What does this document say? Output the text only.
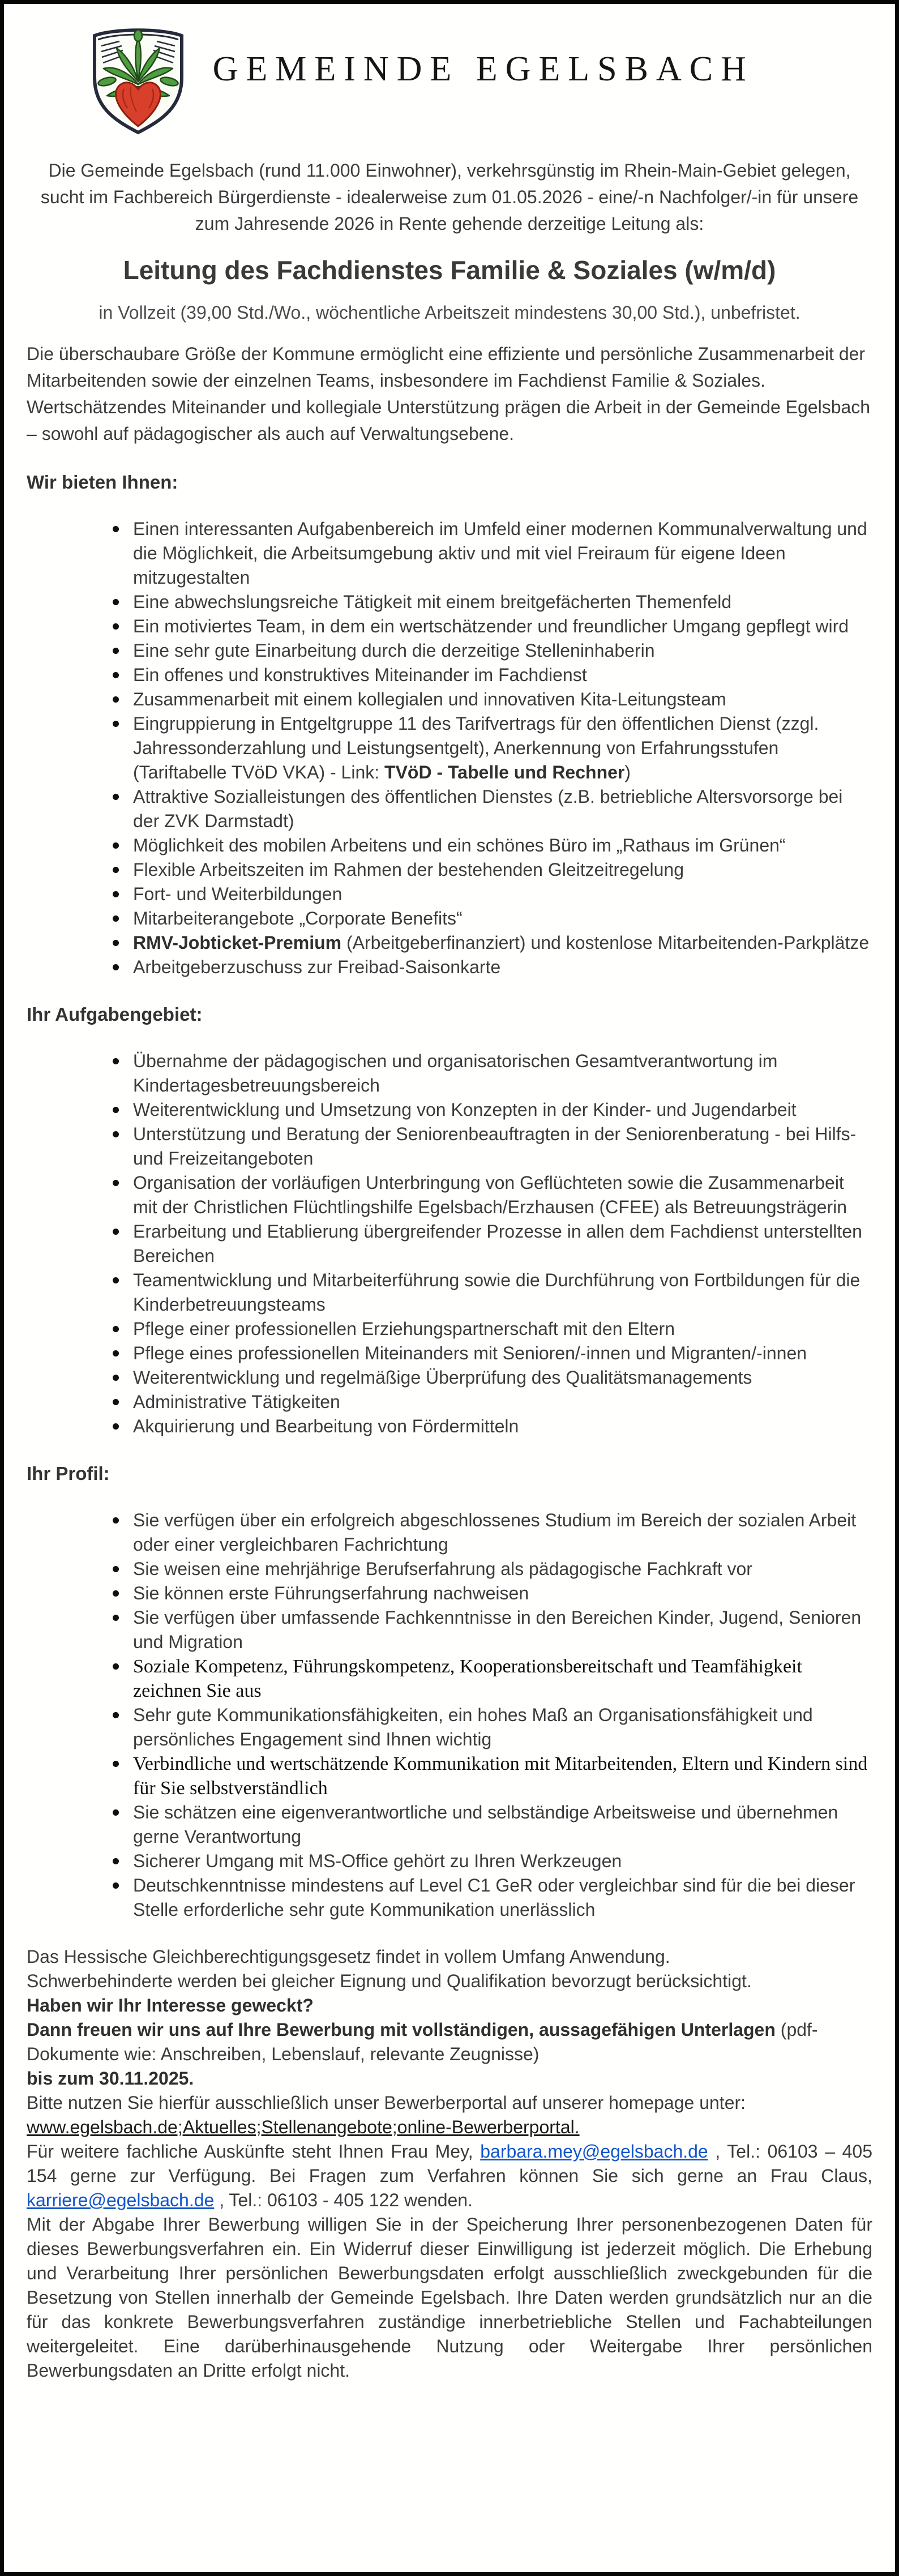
GEMEINDE EGELSBACH

Die Gemeinde Egelsbach (rund 11.000 Einwohner), verkehrsgünstig im Rhein-Main-Gebiet gelegen, sucht im Fachbereich Bürgerdienste - idealerweise zum 01.05.2026 - eine/-n Nachfolger/-in für unsere zum Jahresende 2026 in Rente gehende derzeitige Leitung als:

Leitung des Fachdienstes Familie & Soziales (w/m/d)

in Vollzeit (39,00 Std./Wo., wöchentliche Arbeitszeit mindestens 30,00 Std.), unbefristet.

Die überschaubare Größe der Kommune ermöglicht eine effiziente und persönliche Zusammenarbeit der Mitarbeitenden sowie der einzelnen Teams, insbesondere im Fachdienst Familie & Soziales. Wertschätzendes Miteinander und kollegiale Unterstützung prägen die Arbeit in der Gemeinde Egelsbach – sowohl auf pädagogischer als auch auf Verwaltungsebene.

Wir bieten Ihnen:
Einen interessanten Aufgabenbereich im Umfeld einer modernen Kommunalverwaltung und die Möglichkeit, die Arbeitsumgebung aktiv und mit viel Freiraum für eigene Ideen mitzugestalten
Eine abwechslungsreiche Tätigkeit mit einem breitgefächerten Themenfeld
Ein motiviertes Team, in dem ein wertschätzender und freundlicher Umgang gepflegt wird
Eine sehr gute Einarbeitung durch die derzeitige Stelleninhaberin
Ein offenes und konstruktives Miteinander im Fachdienst
Zusammenarbeit mit einem kollegialen und innovativen Kita-Leitungsteam
Eingruppierung in Entgeltgruppe 11 des Tarifvertrags für den öffentlichen Dienst (zzgl. Jahressonderzahlung und Leistungsentgelt), Anerkennung von Erfahrungsstufen (Tariftabelle TVöD VKA) - Link: TVöD - Tabelle und Rechner)
Attraktive Sozialleistungen des öffentlichen Dienstes (z.B. betriebliche Altersvorsorge bei der ZVK Darmstadt)
Möglichkeit des mobilen Arbeitens und ein schönes Büro im „Rathaus im Grünen“
Flexible Arbeitszeiten im Rahmen der bestehenden Gleitzeitregelung
Fort- und Weiterbildungen
Mitarbeiterangebote „Corporate Benefits“
RMV-Jobticket-Premium (Arbeitgeberfinanziert) und kostenlose Mitarbeitenden-Parkplätze
Arbeitgeberzuschuss zur Freibad-Saisonkarte
Ihr Aufgabengebiet:
Übernahme der pädagogischen und organisatorischen Gesamtverantwortung im Kindertagesbetreuungsbereich
Weiterentwicklung und Umsetzung von Konzepten in der Kinder- und Jugendarbeit
Unterstützung und Beratung der Seniorenbeauftragten in der Seniorenberatung - bei Hilfs- und Freizeitangeboten
Organisation der vorläufigen Unterbringung von Geflüchteten sowie die Zusammenarbeit mit der Christlichen Flüchtlingshilfe Egelsbach/Erzhausen (CFEE) als Betreuungsträgerin
Erarbeitung und Etablierung übergreifender Prozesse in allen dem Fachdienst unterstellten Bereichen
Teamentwicklung und Mitarbeiterführung sowie die Durchführung von Fortbildungen für die Kinderbetreuungsteams
Pflege einer professionellen Erziehungspartnerschaft mit den Eltern
Pflege eines professionellen Miteinanders mit Senioren/-innen und Migranten/-innen
Weiterentwicklung und regelmäßige Überprüfung des Qualitätsmanagements
Administrative Tätigkeiten
Akquirierung und Bearbeitung von Fördermitteln
Ihr Profil:
Sie verfügen über ein erfolgreich abgeschlossenes Studium im Bereich der sozialen Arbeit oder einer vergleichbaren Fachrichtung
Sie weisen eine mehrjährige Berufserfahrung als pädagogische Fachkraft vor
Sie können erste Führungserfahrung nachweisen
Sie verfügen über umfassende Fachkenntnisse in den Bereichen Kinder, Jugend, Senioren und Migration
Soziale Kompetenz, Führungskompetenz, Kooperationsbereitschaft und Teamfähigkeit zeichnen Sie aus
Sehr gute Kommunikationsfähigkeiten, ein hohes Maß an Organisationsfähigkeit und persönliches Engagement sind Ihnen wichtig
Verbindliche und wertschätzende Kommunikation mit Mitarbeitenden, Eltern und Kindern sind für Sie selbstverständlich
Sie schätzen eine eigenverantwortliche und selbständige Arbeitsweise und übernehmen gerne Verantwortung
Sicherer Umgang mit MS-Office gehört zu Ihren Werkzeugen
Deutschkenntnisse mindestens auf Level C1 GeR oder vergleichbar sind für die bei dieser Stelle erforderliche sehr gute Kommunikation unerlässlich

Das Hessische Gleichberechtigungsgesetz findet in vollem Umfang Anwendung.

Schwerbehinderte werden bei gleicher Eignung und Qualifikation bevorzugt berücksichtigt.

Haben wir Ihr Interesse geweckt?

Dann freuen wir uns auf Ihre Bewerbung mit vollständigen, aussagefähigen Unterlagen (pdf-Dokumente wie: Anschreiben, Lebenslauf, relevante Zeugnisse)

bis zum 30.11.2025.

Bitte nutzen Sie hierfür ausschließlich unser Bewerberportal auf unserer homepage unter: www.egelsbach.de;Aktuelles;Stellenangebote;online-Bewerberportal.

Für weitere fachliche Auskünfte steht Ihnen Frau Mey, barbara.mey@egelsbach.de , Tel.: 06103 – 405 154 gerne zur Verfügung. Bei Fragen zum Verfahren können Sie sich gerne an Frau Claus, karriere@egelsbach.de , Tel.: 06103 - 405 122 wenden.

Mit der Abgabe Ihrer Bewerbung willigen Sie in der Speicherung Ihrer personenbezogenen Daten für dieses Bewerbungsverfahren ein. Ein Widerruf dieser Einwilligung ist jederzeit möglich. Die Erhebung und Verarbeitung Ihrer persönlichen Bewerbungsdaten erfolgt ausschließlich zweckgebunden für die Besetzung von Stellen innerhalb der Gemeinde Egelsbach. Ihre Daten werden grundsätzlich nur an die für das konkrete Bewerbungsverfahren zuständige innerbetriebliche Stellen und Fachabteilungen weitergeleitet. Eine darüberhinausgehende Nutzung oder Weitergabe Ihrer persönlichen Bewerbungsdaten an Dritte erfolgt nicht.
